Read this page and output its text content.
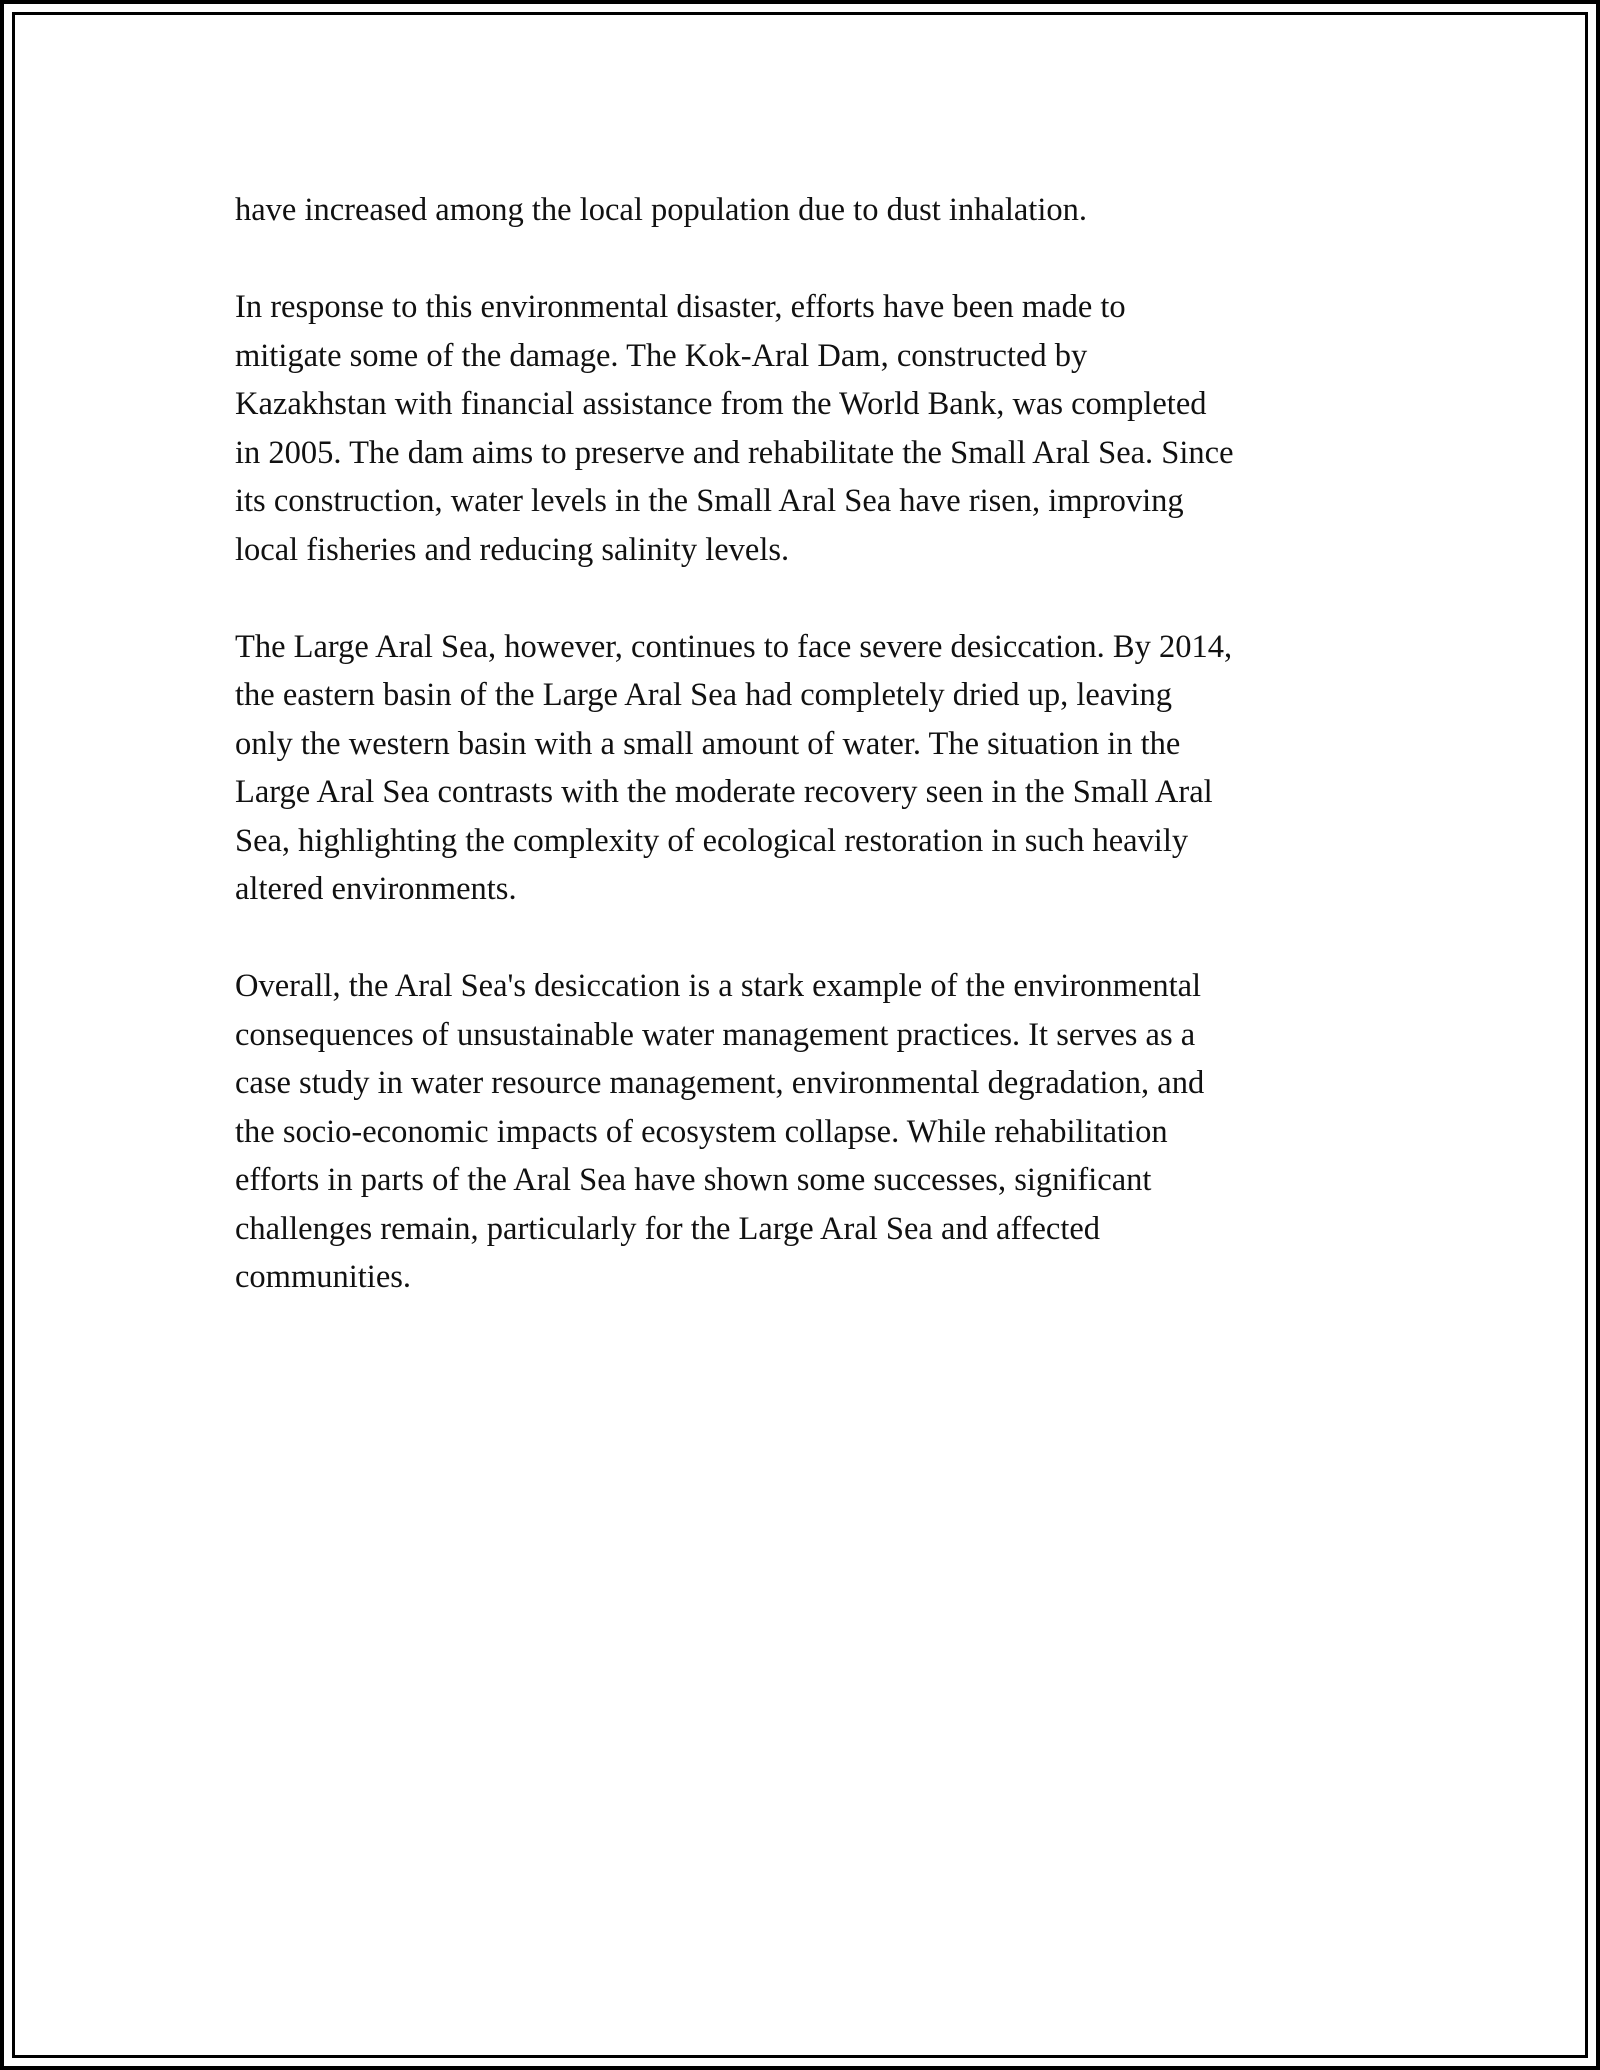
have increased among the local population due to dust inhalation.

In response to this environmental disaster, efforts have been made to
mitigate some of the damage. The Kok-Aral Dam, constructed by
Kazakhstan with financial assistance from the World Bank, was completed
in 2005. The dam aims to preserve and rehabilitate the Small Aral Sea. Since
its construction, water levels in the Small Aral Sea have risen, improving
local fisheries and reducing salinity levels.

The Large Aral Sea, however, continues to face severe desiccation. By 2014,
the eastern basin of the Large Aral Sea had completely dried up, leaving
only the western basin with a small amount of water. The situation in the
Large Aral Sea contrasts with the moderate recovery seen in the Small Aral
Sea, highlighting the complexity of ecological restoration in such heavily
altered environments.

Overall, the Aral Sea's desiccation is a stark example of the environmental
consequences of unsustainable water management practices. It serves as a
case study in water resource management, environmental degradation, and
the socio-economic impacts of ecosystem collapse. While rehabilitation
efforts in parts of the Aral Sea have shown some successes, significant
challenges remain, particularly for the Large Aral Sea and affected
communities.
